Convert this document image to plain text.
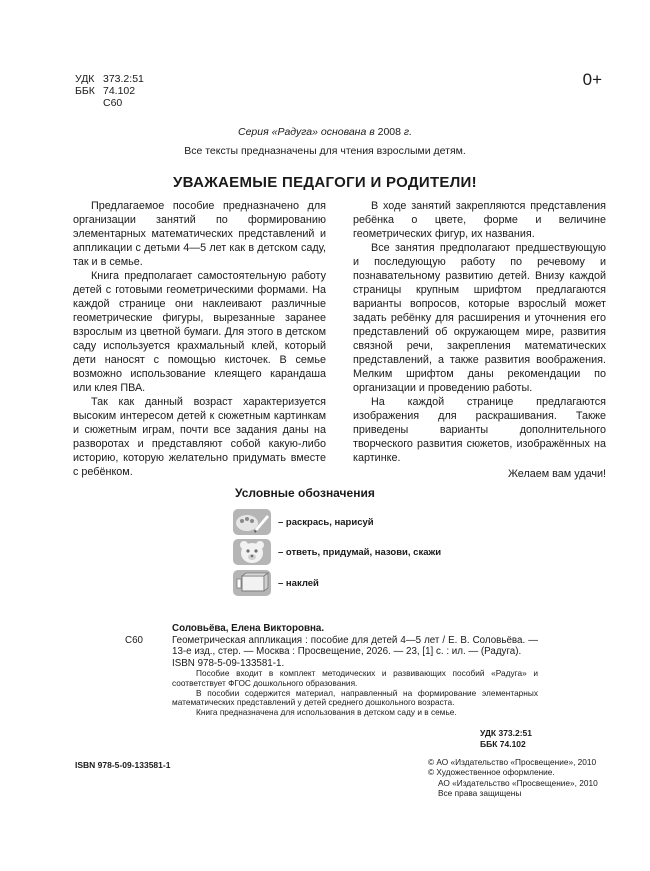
УДК 373.2:51
ББК 74.102
С60
0+
Серия «Радуга» основана в 2008 г.
Все тексты предназначены для чтения взрослыми детям.
УВАЖАЕМЫЕ ПЕДАГОГИ И РОДИТЕЛИ!

Предлагаемое пособие предназначено для организации занятий по формированию элементарных математических представлений и аппликации с детьми 4—5 лет как в детском саду, так и в семье.

Книга предполагает самостоятельную работу детей с готовыми геометрическими формами. На каждой странице они наклеивают различные геометрические фигуры, вырезанные заранее взрослым из цветной бумаги. Для этого в детском саду используется крахмальный клей, который дети наносят с помощью кисточек. В семье возможно использование клеящего карандаша или клея ПВА.

Так как данный возраст характеризуется высоким интересом детей к сюжетным картинкам и сюжетным играм, почти все задания даны на разворотах и представляют собой какую-либо историю, которую желательно придумать вместе с ребёнком.

В ходе занятий закрепляются представления ребёнка о цвете, форме и величине геометрических фигур, их названия.

Все занятия предполагают предшествующую и последующую работу по речевому и познавательному развитию детей. Внизу каждой страницы крупным шрифтом предлагаются варианты вопросов, которые взрослый может задать ребёнку для расширения и уточнения его представлений об окружающем мире, развития связной речи, закрепления математических представлений, а также развития воображения. Мелким шрифтом даны рекомендации по организации и проведению работы.

На каждой странице предлагаются изображения для раскрашивания. Также приведены варианты дополнительного творческого развития сюжетов, изображённых на картинке.

Желаем вам удачи!

Условные обозначения
– раскрась, нарисуй
– ответь, придумай, назови, скажи
– наклей
С60
Соловьёва, Елена Викторовна.
Геометрическая аппликация : пособие для детей 4—5 лет / Е. В. Соловьёва. — 13-е изд., стер. — Москва : Просвещение, 2026. — 23, [1] с. : ил. — (Радуга).
ISBN 978-5-09-133581-1.

Пособие входит в комплект методических и развивающих пособий «Радуга» и соответствует ФГОС дошкольного образования.

В пособии содержится материал, направленный на формирование элементарных математических представлений у детей среднего дошкольного возраста.

Книга предназначена для использования в детском саду и в семье.

УДК 373.2:51
ББК 74.102
ISBN 978-5-09-133581-1	© АО «Издательство «Просвещение», 2010
© Художественное оформление.
АО «Издательство «Просвещение», 2010
Все права защищены
